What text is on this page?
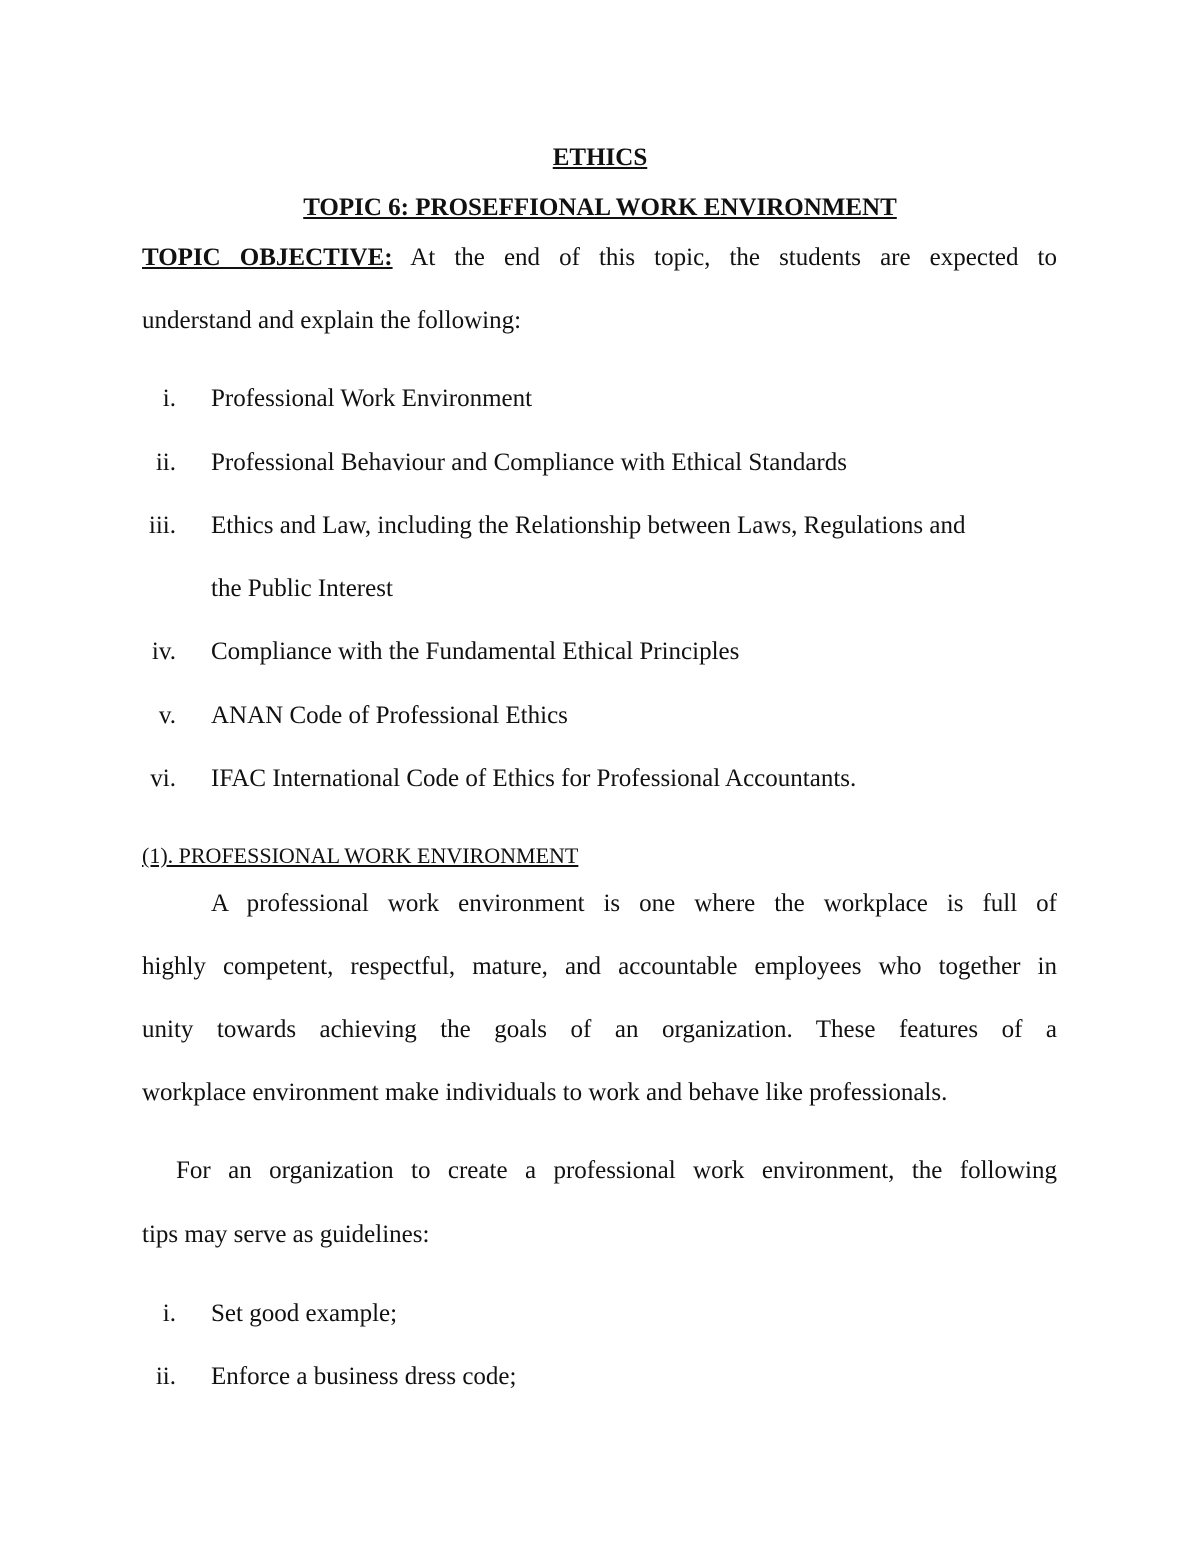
ETHICS
TOPIC 6: PROSEFFIONAL WORK ENVIRONMENT
TOPIC OBJECTIVE: At the end of this topic, the students are expected to
understand and explain the following:
i. Professional Work Environment
ii. Professional Behaviour and Compliance with Ethical Standards
iii. Ethics and Law, including the Relationship between Laws, Regulations and
the Public Interest
iv. Compliance with the Fundamental Ethical Principles
v. ANAN Code of Professional Ethics
vi. IFAC International Code of Ethics for Professional Accountants.
(1). PROFESSIONAL WORK ENVIRONMENT
A professional work environment is one where the workplace is full of
highly competent, respectful, mature, and accountable employees who together in
unity towards achieving the goals of an organization. These features of a
workplace environment make individuals to work and behave like professionals.
For an organization to create a professional work environment, the following
tips may serve as guidelines:
i. Set good example;
ii. Enforce a business dress code;
